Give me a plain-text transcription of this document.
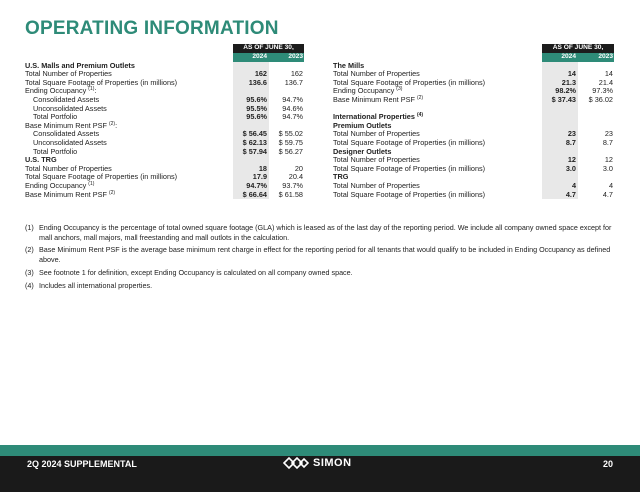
OPERATING INFORMATION
	AS OF JUNE 30,	
	2024	2023
U.S. Malls and Premium Outlets		
Total Number of Properties	162	162
Total Square Footage of Properties (in millions)	136.6	136.7
Ending Occupancy $^{(1)}$:		
Consolidated Assets	95.6%	94.7%
Unconsolidated Assets	95.5%	94.6%
Total Portfolio	95.6%	94.7%
Base Minimum Rent PSF $^{(2)}$:		
Consolidated Assets	$ 56.45	$ 55.02
Unconsolidated Assets	$ 62.13	$ 59.75
Total Portfolio	$ 57.94	$ 56.27
U.S. TRG		
Total Number of Properties	18	20
Total Square Footage of Properties (in millions)	17.9	20.4
Ending Occupancy $^{(1)}$	94.7%	93.7%
Base Minimum Rent PSF $^{(2)}$	$ 66.64	$ 61.58
	AS OF JUNE 30,	
	2024	2023
The Mills		
Total Number of Properties	14	14
Total Square Footage of Properties (in millions)	21.3	21.4
Ending Occupancy $^{(3)}$	98.2%	97.3%
Base Minimum Rent PSF $^{(2)}$	$ 37.43	$ 36.02

International Properties $^{(4)}$		
Premium Outlets		
Total Number of Properties	23	23
Total Square Footage of Properties (in millions)	8.7	8.7
Designer Outlets		
Total Number of Properties	12	12
Total Square Footage of Properties (in millions)	3.0	3.0
TRG		
Total Number of Properties	4	4
Total Square Footage of Properties (in millions)	4.7	4.7
(1) Ending Occupancy is the percentage of total owned square footage (GLA) which is leased as of the last day of the reporting period. We include all company owned space except for mall anchors, mall majors, mall freestanding and mall outlots in the calculation.
(2) Base Minimum Rent PSF is the average base minimum rent charge in effect for the reporting period for all tenants that would qualify to be included in Ending Occupancy as defined above.
(3) See footnote 1 for definition, except Ending Occupancy is calculated on all company owned space.
(4) Includes all international properties.
2Q 2024 SUPPLEMENTAL	SIMON	20
